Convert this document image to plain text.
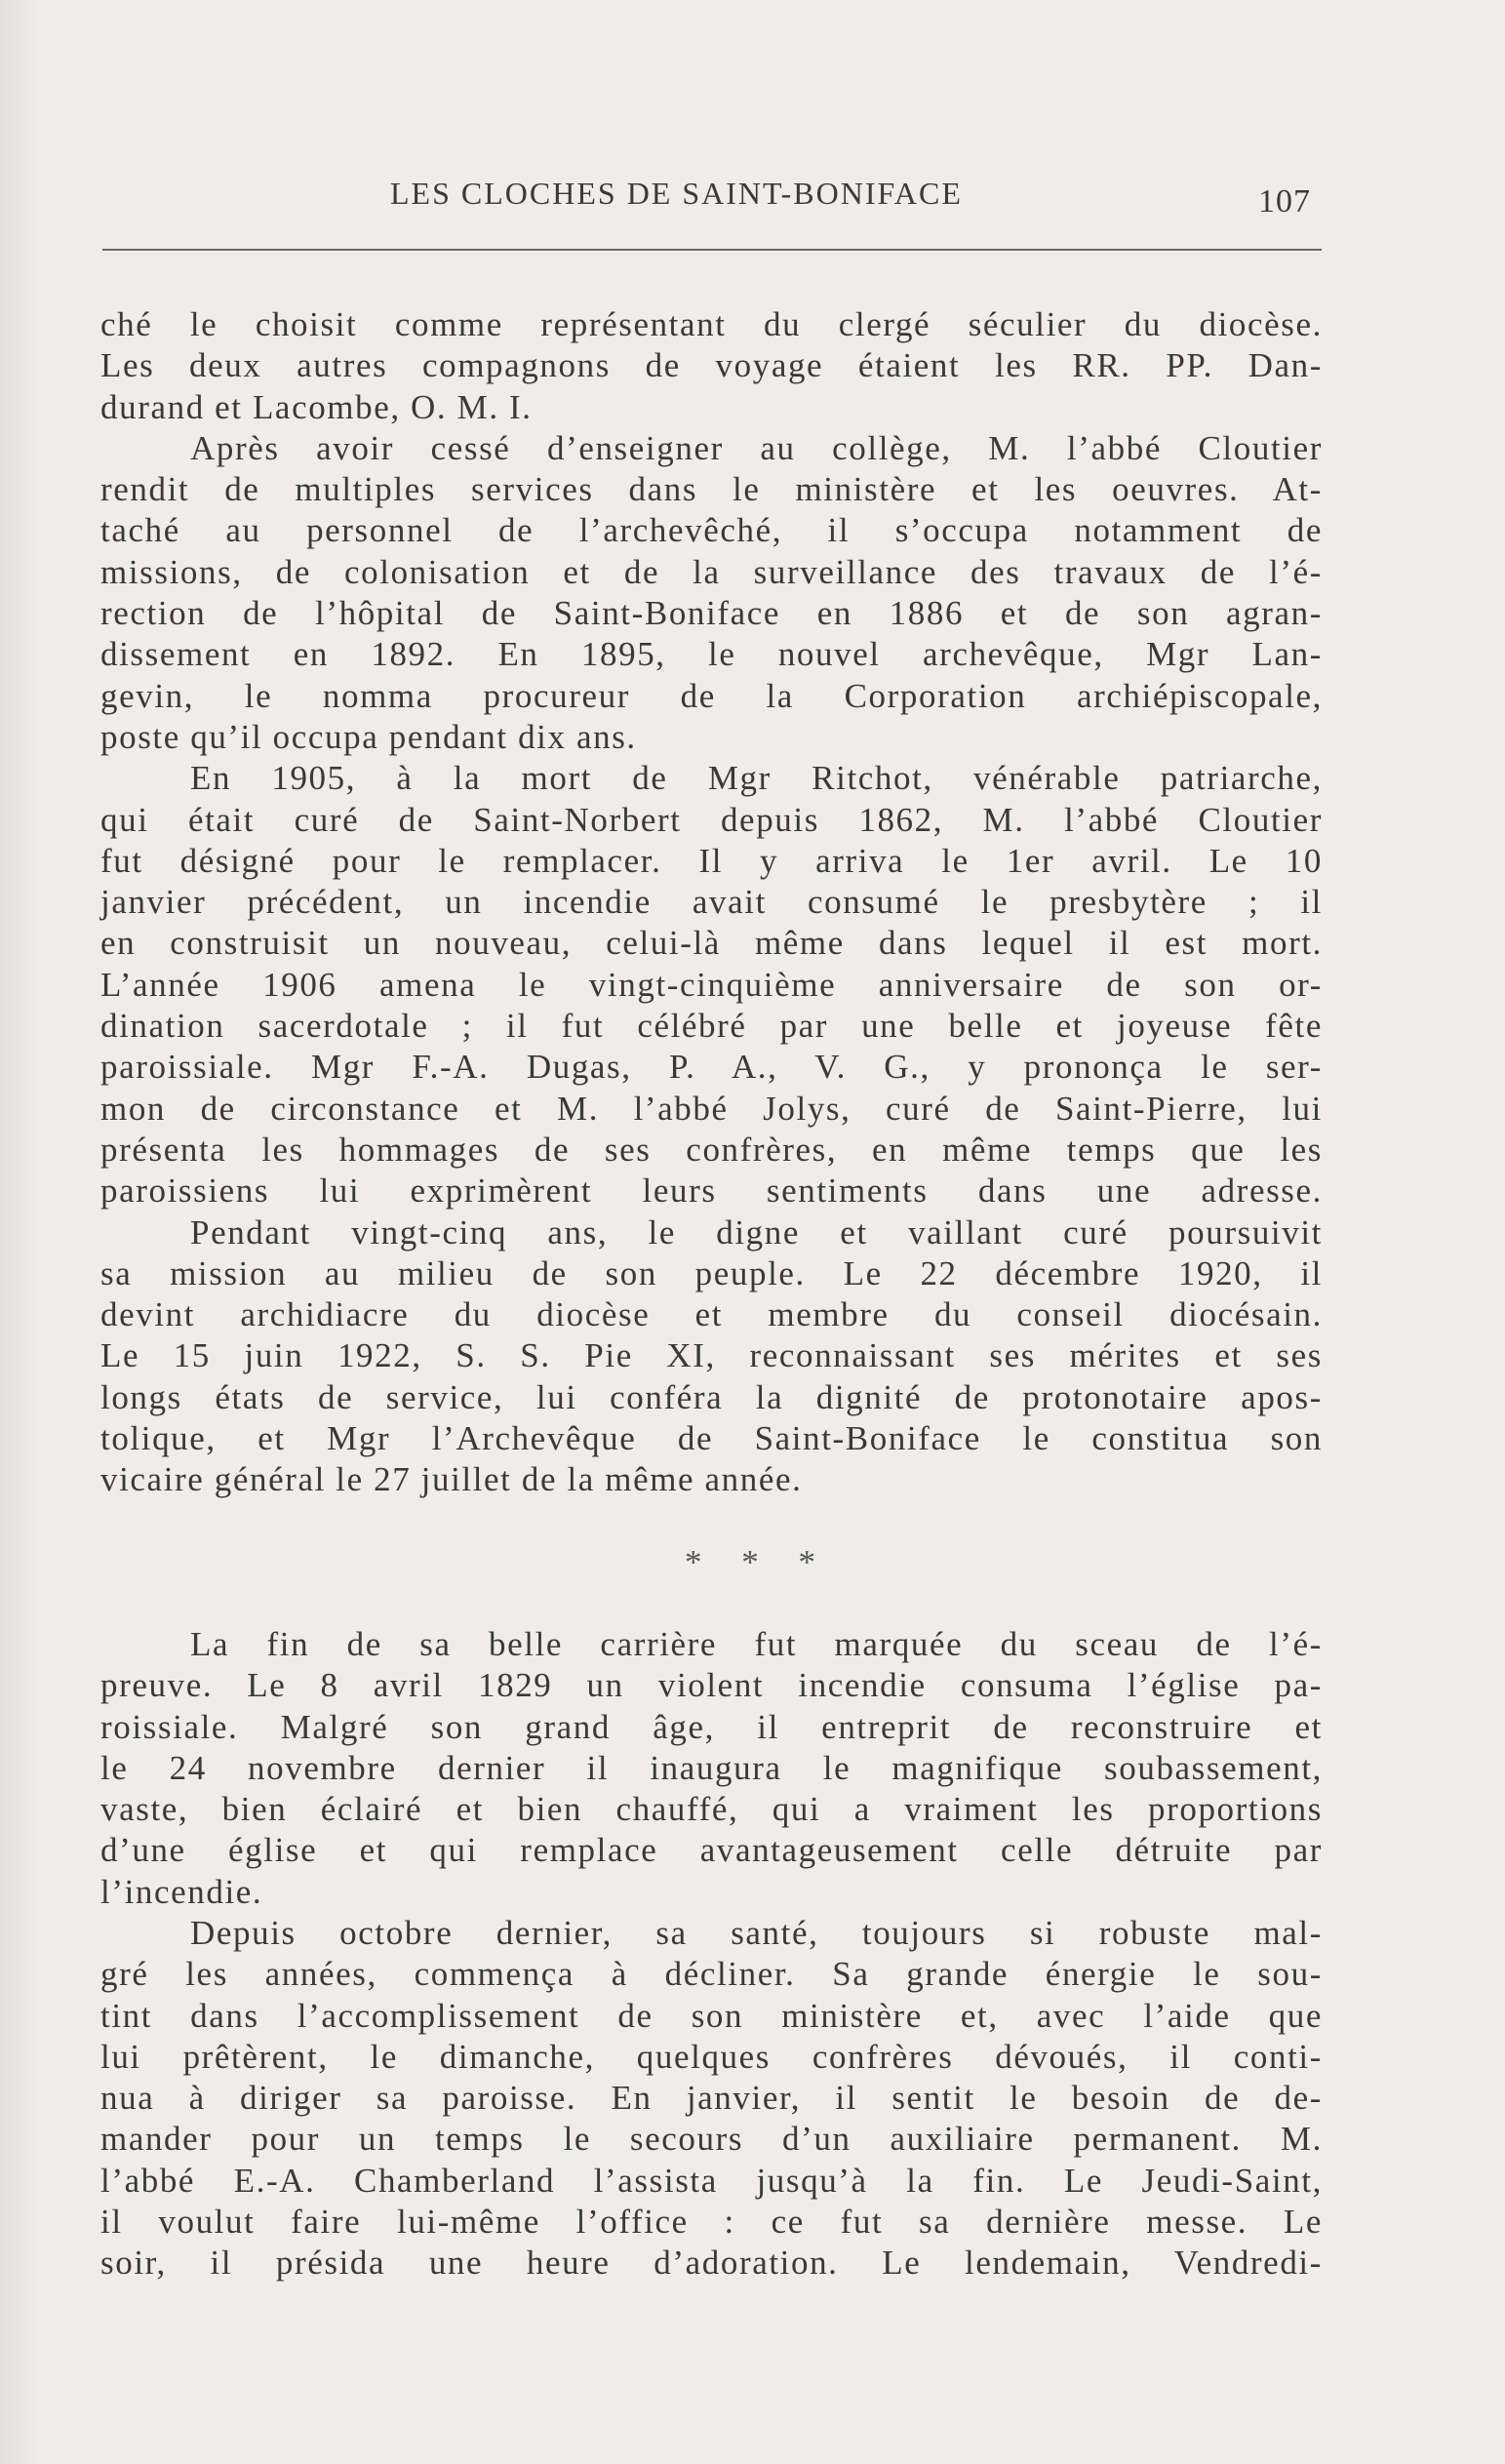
LES CLOCHES DE SAINT-BONIFACE	107
ché le choisit comme représentant du clergé séculier du diocèse.
Les deux autres compagnons de voyage étaient les RR. PP. Dan-
durand et Lacombe, O. M. I.
Après avoir cessé d’enseigner au collège, M. l’abbé Cloutier
rendit de multiples services dans le ministère et les oeuvres. At-
taché au personnel de l’archevêché, il s’occupa notamment de
missions, de colonisation et de la surveillance des travaux de l’é-
rection de l’hôpital de Saint-Boniface en 1886 et de son agran-
dissement en 1892. En 1895, le nouvel archevêque, Mgr Lan-
gevin, le nomma procureur de la Corporation archiépiscopale,
poste qu’il occupa pendant dix ans.
En 1905, à la mort de Mgr Ritchot, vénérable patriarche,
qui était curé de Saint-Norbert depuis 1862, M. l’abbé Cloutier
fut désigné pour le remplacer. Il y arriva le 1er avril. Le 10
janvier précédent, un incendie avait consumé le presbytère ; il
en construisit un nouveau, celui-là même dans lequel il est mort.
L’année 1906 amena le vingt-cinquième anniversaire de son or-
dination sacerdotale ; il fut célébré par une belle et joyeuse fête
paroissiale. Mgr F.-A. Dugas, P. A., V. G., y prononça le ser-
mon de circonstance et M. l’abbé Jolys, curé de Saint-Pierre, lui
présenta les hommages de ses confrères, en même temps que les
paroissiens lui exprimèrent leurs sentiments dans une adresse.
Pendant vingt-cinq ans, le digne et vaillant curé poursuivit
sa mission au milieu de son peuple. Le 22 décembre 1920, il
devint archidiacre du diocèse et membre du conseil diocésain.
Le 15 juin 1922, S. S. Pie XI, reconnaissant ses mérites et ses
longs états de service, lui conféra la dignité de protonotaire apos-
tolique, et Mgr l’Archevêque de Saint-Boniface le constitua son
vicaire général le 27 juillet de la même année.
* * *
La fin de sa belle carrière fut marquée du sceau de l’é-
preuve. Le 8 avril 1829 un violent incendie consuma l’église pa-
roissiale. Malgré son grand âge, il entreprit de reconstruire et
le 24 novembre dernier il inaugura le magnifique soubassement,
vaste, bien éclairé et bien chauffé, qui a vraiment les proportions
d’une église et qui remplace avantageusement celle détruite par
l’incendie.
Depuis octobre dernier, sa santé, toujours si robuste mal-
gré les années, commença à décliner. Sa grande énergie le sou-
tint dans l’accomplissement de son ministère et, avec l’aide que
lui prêtèrent, le dimanche, quelques confrères dévoués, il conti-
nua à diriger sa paroisse. En janvier, il sentit le besoin de de-
mander pour un temps le secours d’un auxiliaire permanent. M.
l’abbé E.-A. Chamberland l’assista jusqu’à la fin. Le Jeudi-Saint,
il voulut faire lui-même l’office : ce fut sa dernière messe. Le
soir, il présida une heure d’adoration. Le lendemain, Vendredi-
